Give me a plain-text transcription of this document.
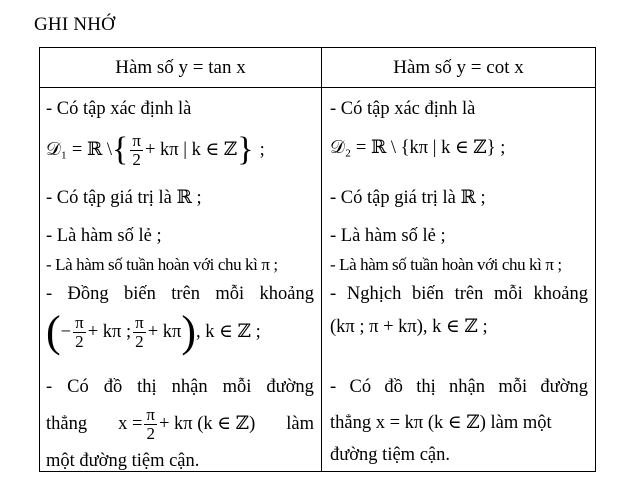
GHI NHỚ
Hàm số y = tan x	Hàm số y = cot x
- Có tập xác định là
𝒟₁ = ℝ \ { $\frac{\pi}{2} + k\pi$ | k ∈ ℤ } ;
- Có tập giá trị là ℝ ;
- Là hàm số lẻ ;
- Là hàm số tuần hoàn với chu kì π ;
- Đồng biến trên mỗi khoảng
( − $\frac{\pi}{2} + k\pi$ ; $\frac{\pi}{2} + k\pi$ ) , k ∈ ℤ ;
- Có đồ thị nhận mỗi đường
thẳng $x = \frac{\pi}{2} + k\pi$ (k ∈ ℤ) làm
một đường tiệm cận.
- Có tập xác định là
𝒟₂ = ℝ \ {kπ | k ∈ ℤ} ;
- Có tập giá trị là ℝ ;
- Là hàm số lẻ ;
- Là hàm số tuần hoàn với chu kì π ;
- Nghịch biến trên mỗi khoảng
(kπ ; π + kπ), k ∈ ℤ ;
- Có đồ thị nhận mỗi đường
thẳng x = kπ (k ∈ ℤ) làm một
đường tiệm cận.
